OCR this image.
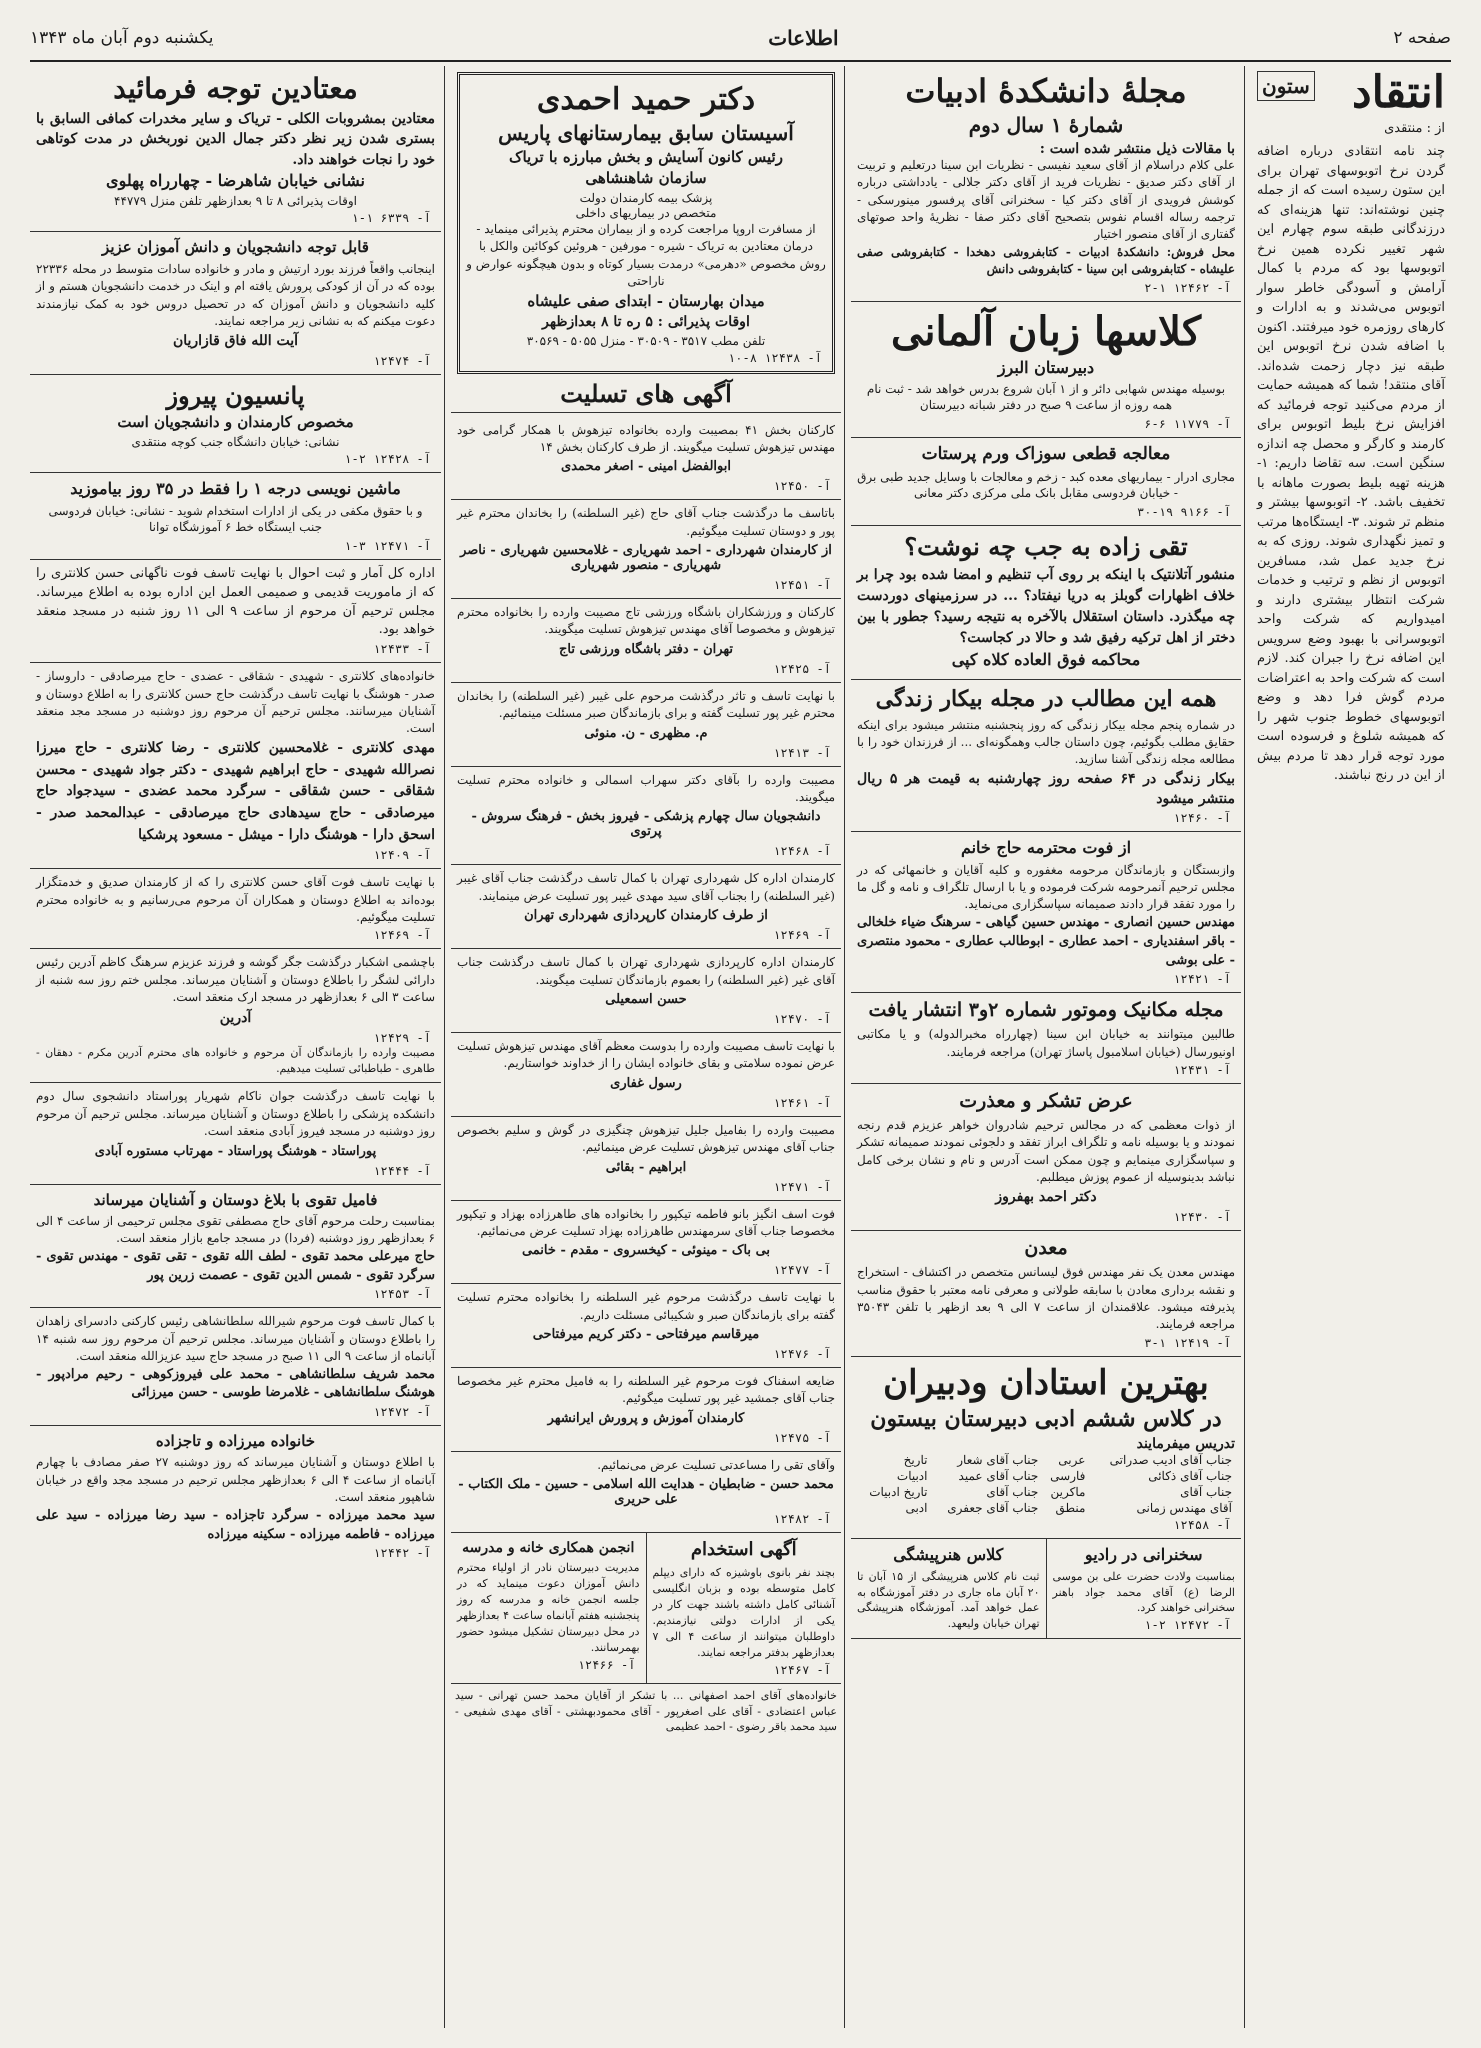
صفحه ۲
اطلاعات
یکشنبه دوم آبان ماه ۱۳۴۳
انتقاد
ستون
از : منتقدی

چند نامه انتقادی درباره اضافه گردن نرخ اتوبوسهای تهران برای این ستون رسیده است که از جمله چنین نوشته‌اند: تنها هزینه‌ای که درزندگانی طبقه سوم چهارم این شهر تغییر نکرده همین نرخ اتوبوسها بود که مردم با کمال آرامش و آسودگی خاطر سوار اتوبوس می‌شدند و به ادارات و کارهای روزمره خود میرفتند. اکنون با اضافه شدن نرخ اتوبوس این طبقه نیز دچار زحمت شده‌اند. آقای منتقد! شما که همیشه حمایت از مردم می‌کنید توجه فرمائید که افزایش نرخ بلیط اتوبوس برای کارمند و کارگر و محصل چه اندازه سنگین است. سه تقاضا داریم: ۱- هزینه تهیه بلیط بصورت ماهانه با تخفیف باشد. ۲- اتوبوسها بیشتر و منظم تر شوند. ۳- ایستگاه‌ها مرتب و تمیز نگهداری شوند. روزی که به نرخ جدید عمل شد، مسافرین اتوبوس از نظم و ترتیب و خدمات شرکت انتظار بیشتری دارند و امیدواریم که شرکت واحد اتوبوسرانی با بهبود وضع سرویس این اضافه نرخ را جبران کند. لازم است که شرکت واحد به اعتراضات مردم گوش فرا دهد و وضع اتوبوسهای خطوط جنوب شهر را که همیشه شلوغ و فرسوده است مورد توجه قرار دهد تا مردم بیش از این در رنج نباشند.

مجلهٔ دانشکدهٔ ادبیات
شمارهٔ ۱ سال دوم
با مقالات ذیل منتشر شده است :

علی کلام دراسلام از آقای سعید نفیسی - نظریات ابن سینا درتعلیم و تربیت از آقای دکتر صدیق - نظریات فرید از آقای دکتر جلالی - یادداشتی درباره کوشش فرویدی از آقای دکتر کیا - سخنرانی آقای پرفسور مینورسکی - ترجمه رساله اقسام نفوس بتصحیح آقای دکتر صفا - نظریهٔ واحد صوتهای گفتاری از آقای منصور اختیار

محل فروش: دانشکدهٔ ادبیات - کتابفروشی دهخدا - کتابفروشی صفی علیشاه - کتابفروشی ابن سینا - کتابفروشی دانش

آ- ۱۲۴۶۲ ۱-۲
کلاسها زبان آلمانی
دبیرستان البرز

بوسیله مهندس شهابی دائر و از ۱ آبان شروع بدرس خواهد شد - ثبت نام همه روزه از ساعت ۹ صبح در دفتر شبانه دبیرستان

آ- ۱۱۷۷۹ ۶-۶
معالجه قطعی سوزاک ورم پرستات

مجاری ادرار - بیماریهای معده کبد - زخم و معالجات با وسایل جدید طبی برق - خیابان فردوسی مقابل بانک ملی مرکزی دکتر معانی

آ- ۹۱۶۶ ۱۹-۳۰
تقی زاده به جب چه نوشت؟

منشور آتلانتیک با اینکه بر روی آب تنظیم و امضا شده بود چرا بر خلاف اظهارات گوبلز به دریا نیفتاد؟ ... در سرزمینهای دوردست چه میگذرد. داستان استقلال بالآخره به نتیجه رسید؟ جطور با بین دختر از اهل ترکیه رفیق شد و حالا در کجاست؟

محاکمه فوق العاده کلاه کپی
همه این مطالب در مجله بیکار زندگی

در شماره پنجم مجله بیکار زندگی که روز پنجشنبه منتشر میشود برای اینکه حقایق مطلب بگوئیم، چون داستان جالب وهمگونه‌ای ... از فرزندان خود را با مطالعه مجله زندگی آشنا سازید.

بیکار زندگی در ۶۴ صفحه روز چهارشنبه به قیمت هر ۵ ریال منتشر میشود

آ- ۱۲۴۶۰
از فوت محترمه حاج خانم

وازبستگان و بازماندگان مرحومه مغفوره و کلیه آقایان و خانمهائی که در مجلس ترحیم آنمرحومه شرکت فرموده و یا با ارسال تلگراف و نامه و گل ما را مورد تفقد قرار دادند صمیمانه سپاسگزاری می‌نماید.

مهندس حسین انصاری - مهندس حسین گیاهی - سرهنگ ضیاء خلخالی - باقر اسفندیاری - احمد عطاری - ابوطالب عطاری - محمود منتصری - علی بوشی

آ- ۱۲۴۲۱
مجله مکانیک وموتور شماره ۲و۳ انتشار یافت

طالبین میتوانند به خیابان ابن سینا (چهارراه مخبرالدوله) و یا مکاتبی اونیورسال (خیابان اسلامبول پاساژ تهران) مراجعه فرمایند.

آ- ۱۲۴۳۱
عرض تشکر و معذرت

از ذوات معظمی که در مجالس ترحیم شادروان خواهر عزیزم قدم رنجه نمودند و یا بوسیله نامه و تلگراف ابراز تفقد و دلجوئی نمودند صمیمانه تشکر و سپاسگزاری مینمایم و چون ممکن است آدرس و نام و نشان برخی کامل نباشد بدینوسیله از عموم پوزش میطلبم.

دکتر احمد بهفروز
آ- ۱۲۴۳۰
معدن

مهندس معدن یک نفر مهندس فوق لیسانس متخصص در اکتشاف - استخراج و نقشه برداری معادن با سابقه طولانی و معرفی نامه معتبر با حقوق مناسب پذیرفته میشود. علاقمندان از ساعت ۷ الی ۹ بعد ازظهر با تلفن ۳۵۰۴۳ مراجعه فرمایند.

آ- ۱۲۴۱۹ ۱-۳
بهترین استادان ودبیران
در کلاس ششم ادبی دبیرستان بیستون
تدریس میفرمایند
جناب آقای ادیب صدراتی	عربی	جناب آقای شعار	تاریخ
جناب آقای ذکائی	فارسی	جناب آقای عمید	ادبیات
جناب آقای	ماکرین	جناب آقای	تاریخ ادبیات
آقای مهندس زمانی	منطق	جناب آقای جعفری	ادبی
آ- ۱۲۴۵۸
سخنرانی در رادیو

بمناسبت ولادت حضرت علی بن موسی الرضا (ع) آقای محمد جواد باهنر سخنرانی خواهند کرد.

آ- ۱۲۴۷۲ ۲-۱
کلاس هنرپیشگی

ثبت نام کلاس هنرپیشگی از ۱۵ آبان تا ۲۰ آبان ماه جاری در دفتر آموزشگاه به عمل خواهد آمد. آموزشگاه هنرپیشگی تهران خیابان ولیعهد.

دکتر حمید احمدی
آسیستان سابق بیمارستانهای پاریس
رئیس کانون آسایش و بخش مبارزه با تریاک
سازمان شاهنشاهی
پزشک بیمه کارمندان دولت
متخصص در بیماریهای داخلی

از مسافرت اروپا مراجعت کرده و از بیماران محترم پذیرائی مینماید - درمان معتادین به تریاک - شیره - مورفین - هروئین کوکائین والکل با روش مخصوص «دهرمی» درمدت بسیار کوتاه و بدون هیچگونه عوارض و ناراحتی

میدان بهارستان - ابتدای صفی علیشاه
اوقات پذیرائی : ۵ ره تا ۸ بعدازظهر
تلفن مطب ۳۵۱۷ - ۳۰۵۰۹ - منزل ۵۰۵۵ - ۳۰۵۶۹
آ- ۱۲۴۳۸ ۸-۱۰
آگهی های تسلیت

کارکنان بخش ۴۱ بمصیبت وارده بخانواده تیزهوش با همکار گرامی خود مهندس تیزهوش تسلیت میگویند. از طرف کارکنان بخش ۱۴

ابوالفضل امینی - اصغر محمدی
آ- ۱۲۴۵۰

باتاسف ما درگذشت جناب آقای حاج (غیر السلطنه) را بخاندان محترم غیر پور و دوستان تسلیت میگوئیم.

از کارمندان شهرداری - احمد شهریاری - غلامحسین شهریاری - ناصر شهریاری - منصور شهریاری
آ- ۱۲۴۵۱

کارکنان و ورزشکاران باشگاه ورزشی تاج مصیبت وارده را بخانواده محترم تیزهوش و مخصوصا آقای مهندس تیزهوش تسلیت میگویند.

تهران - دفتر باشگاه ورزشی تاج
آ- ۱۲۴۲۵

با نهایت تاسف و تاثر درگذشت مرحوم علی غیبر (غیر السلطنه) را بخاندان محترم غیر پور تسلیت گفته و برای بازماندگان صبر مسئلت مینمائیم.

م. مظهری - ن. منوئی
آ- ۱۲۴۱۳

مصیبت وارده را بآقای دکتر سهراب اسمالی و خانواده محترم تسلیت میگویند.

دانشجویان سال چهارم پزشکی - فیروز بخش - فرهنگ سروش - پرتوی
آ- ۱۲۴۶۸

کارمندان اداره کل شهرداری تهران با کمال تاسف درگذشت جناب آقای غیبر (غیر السلطنه) را بجناب آقای سید مهدی غیبر پور تسلیت عرض مینمایند.

از طرف کارمندان کارپردازی شهرداری تهران
آ- ۱۲۴۶۹

کارمندان اداره کارپردازی شهرداری تهران با کمال تاسف درگذشت جناب آقای غیر (غیر السلطنه) را بعموم بازماندگان تسلیت میگویند.

حسن اسمعیلی
آ- ۱۲۴۷۰

با نهایت تاسف مصیبت وارده را بدوست معظم آقای مهندس تیزهوش تسلیت عرض نموده سلامتی و بقای خانواده ایشان را از خداوند خواستاریم.

رسول غفاری
آ- ۱۲۴۶۱

مصیبت وارده را بفامیل جلیل تیزهوش چنگیزی در گوش و سلیم بخصوص جناب آقای مهندس تیزهوش تسلیت عرض مینمائیم.

ابراهیم - بقائی
آ- ۱۲۴۷۱

فوت اسف انگیز بانو فاطمه تیکپور را بخانواده های طاهرزاده بهزاد و تیکپور مخصوصا جناب آقای سرمهندس طاهرزاده بهزاد تسلیت عرض می‌نمائیم.

بی باک - مینوئی - کیخسروی - مقدم - خانمی
آ- ۱۲۴۷۷

با نهایت تاسف درگذشت مرحوم غیر السلطنه را بخانواده محترم تسلیت گفته برای بازماندگان صبر و شکیبائی مسئلت داریم.

میرقاسم میرفتاحی - دکتر کریم میرفتاحی
آ- ۱۲۴۷۶

ضایعه اسفناک فوت مرحوم غیر السلطنه را به فامیل محترم غیر مخصوصا جناب آقای جمشید غیر پور تسلیت میگوئیم.

کارمندان آموزش و پرورش ایرانشهر
آ- ۱۲۴۷۵

وآقای تقی را مساعدتی تسلیت عرض می‌نمائیم.

محمد حسن - ضابطیان - هدایت الله اسلامی - حسین - ملک الکتاب - علی حریری
آ- ۱۲۴۸۲
آگهی استخدام

بچند نفر بانوی باوشیزه که دارای دیپلم کامل متوسطه بوده و بزبان انگلیسی آشنائی کامل داشته باشند جهت کار در یکی از ادارات دولتی نیازمندیم. داوطلبان میتوانند از ساعت ۴ الی ۷ بعدازظهر بدفتر مراجعه نمایند.

آ- ۱۲۴۶۷
انجمن همکاری خانه و مدرسه

مدیریت دبیرستان نادر از اولیاء محترم دانش آموزان دعوت مینماید که در جلسه انجمن خانه و مدرسه که روز پنجشنبه هفتم آبانماه ساعت ۴ بعدازظهر در محل دبیرستان تشکیل میشود حضور بهمرسانند.

آ- ۱۲۴۶۶

خانواده‌های آقای احمد اصفهانی ... با تشکر از آقایان محمد حسن تهرانی - سید عباس اعتضادی - آقای علی اصغرپور - آقای محمودبهشتی - آقای مهدی شفیعی - سید محمد باقر رضوی - احمد عظیمی

معتادین توجه فرمائید

معتادین بمشروبات الکلی - تریاک و سایر مخدرات کمافی السابق با بستری شدن زیر نظر دکتر جمال الدین نوربخش در مدت کوتاهی خود را نجات خواهند داد.

نشانی خیابان شاهرضا - چهارراه پهلوی
اوقات پذیرائی ۸ تا ۹ بعدازظهر تلفن منزل ۴۴۷۷۹
آ- ۶۳۳۹ ۱-۱
قابل توجه دانشجویان و دانش آموزان عزیز

اینجانب واقعاً فرزند بورد ارتیش و مادر و خانواده سادات متوسط در محله ۲۲۳۳۶ بوده که در آن از کودکی پرورش یافته ام و اینک در خدمت دانشجویان هستم و از کلیه دانشجویان و دانش آموزان که در تحصیل دروس خود به کمک نیازمندند دعوت میکنم که به نشانی زیر مراجعه نمایند.

آیت الله فاق قازاریان
آ- ۱۲۴۷۴
پانسیون پیروز
مخصوص کارمندان و دانشجویان است
نشانی: خیابان دانشگاه جنب کوچه منتقدی
آ- ۱۲۴۲۸ ۲-۱
ماشین نویسی درجه ۱ را فقط در ۳۵ روز بیاموزید

و با حقوق مکفی در یکی از ادارات استخدام شوید - نشانی: خیابان فردوسی جنب ایستگاه خط ۶ آموزشگاه توانا

آ- ۱۲۴۷۱ ۳-۱

اداره کل آمار و ثبت احوال با نهایت تاسف فوت ناگهانی حسن کلانتری را که از ماموریت قدیمی و صمیمی العمل این اداره بوده به اطلاع میرساند. مجلس ترحیم آن مرحوم از ساعت ۹ الی ۱۱ روز شنبه در مسجد منعقد خواهد بود.

آ- ۱۲۴۳۳

خانواده‌های کلانتری - شهیدی - شقاقی - عضدی - حاج میرصادقی - داروساز - صدر - هوشنگ با نهایت تاسف درگذشت حاج حسن کلانتری را به اطلاع دوستان و آشنایان میرسانند. مجلس ترحیم آن مرحوم روز دوشنبه در مسجد مجد منعقد است.

مهدی کلانتری - غلامحسین کلانتری - رضا کلانتری - حاج میرزا نصرالله شهیدی - حاج ابراهیم شهیدی - دکتر جواد شهیدی - محسن شقاقی - حسن شقاقی - سرگرد محمد عضدی - سیدجواد حاج میرصادقی - حاج سیدهادی حاج میرصادقی - عبدالمحمد صدر - اسحق دارا - هوشنگ دارا - میشل - مسعود پرشکیا

آ- ۱۲۴۰۹

با نهایت تاسف فوت آقای حسن کلانتری را که از کارمندان صدیق و خدمتگزار بوده‌اند به اطلاع دوستان و همکاران آن مرحوم می‌رسانیم و به خانواده محترم تسلیت میگوئیم.

آ- ۱۲۴۶۹

باچشمی اشکبار درگذشت جگر گوشه و فرزند عزیزم سرهنگ کاظم آدرین رئیس دارائی لشگر را باطلاع دوستان و آشنایان میرساند. مجلس ختم روز سه شنبه از ساعت ۳ الی ۶ بعدازظهر در مسجد ارک منعقد است.

آدرین
آ- ۱۲۴۲۹

مصیبت وارده را بازماندگان آن مرحوم و خانواده های محترم آدرین مکرم - دهقان - طاهری - طباطبائی تسلیت میدهیم.

با نهایت تاسف درگذشت جوان ناکام شهریار پوراستاد دانشجوی سال دوم دانشکده پزشکی را باطلاع دوستان و آشنایان میرساند. مجلس ترحیم آن مرحوم روز دوشنبه در مسجد فیروز آبادی منعقد است.

پوراستاد - هوشنگ پوراستاد - مهرتاب مستوره آبادی
آ- ۱۲۴۴۴
فامیل تقوی با بلاغ دوستان و آشنایان میرساند

بمناسبت رحلت مرحوم آقای حاج مصطفی تقوی مجلس ترحیمی از ساعت ۴ الی ۶ بعدازظهر روز دوشنبه (فردا) در مسجد جامع بازار منعقد است.

حاج میرعلی محمد تقوی - لطف الله تقوی - تقی تقوی - مهندس تقوی - سرگرد تقوی - شمس الدین تقوی - عصمت زرین پور

آ- ۱۲۴۵۳

با کمال تاسف فوت مرحوم شیرالله سلطانشاهی رئیس کارکنی دادسرای زاهدان را باطلاع دوستان و آشنایان میرساند. مجلس ترحیم آن مرحوم روز سه شنبه ۱۴ آبانماه از ساعت ۹ الی ۱۱ صبح در مسجد حاج سید عزیزالله منعقد است.

محمد شریف سلطانشاهی - محمد علی فیروزکوهی - رحیم مرادپور - هوشنگ سلطانشاهی - غلامرضا طوسی - حسن میرزائی

آ- ۱۲۴۷۲
خانواده میرزاده و تاجزاده

با اطلاع دوستان و آشنایان میرساند که روز دوشنبه ۲۷ صفر مصادف با چهارم آبانماه از ساعت ۴ الی ۶ بعدازظهر مجلس ترحیم در مسجد مجد واقع در خیابان شاهپور منعقد است.

سید محمد میرزاده - سرگرد تاجزاده - سید رضا میرزاده - سید علی میرزاده - فاطمه میرزاده - سکینه میرزاده

آ- ۱۲۴۴۲
